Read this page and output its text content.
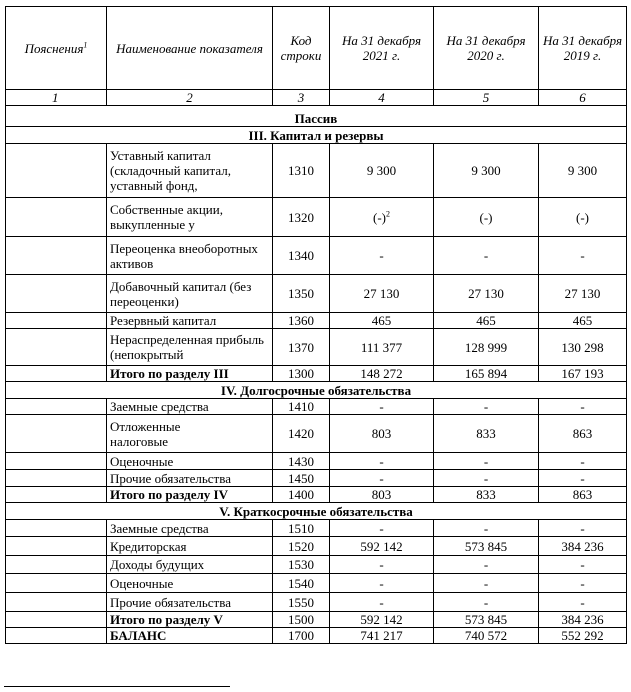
Пояснения$^1$	Наименование показателя	Код строки	На 31 декабря 2021 г.	На 31 декабря 2020 г.	На 31 декабря 2019 г.
1	2	3	4	5	6
Пассив					
III. Капитал и резервы					

	Уставный капитал (складочный капитал, уставный фонд,	1310	9 300	9 300	9 300
	Собственные акции, выкупленные у	1320	$(-)^2$	(-)	(-)
	Переоценка внеоборотных активов	1340	-	-	-
	Добавочный капитал (без переоценки)	1350	27 130	27 130	27 130
	Резервный капитал	1360	465	465	465

	Нераспределенная прибыль (непокрытый	1370	111 377	128 999	130 298
	Итого по разделу III	1300	148 272	165 894	167 193
IV. Долгосрочные обязательства					
	Заемные средства	1410	-	-	-

	Отложенные налоговые	1420	803	833	863
	Оценочные	1430	-	-	-
	Прочие обязательства	1450	-	-	-
	Итого по разделу IV	1400	803	833	863
V. Краткосрочные обязательства					
	Заемные средства	1510	-	-	-
	Кредиторская	1520	592 142	573 845	384 236
	Доходы будущих	1530	-	-	-
	Оценочные	1540	-	-	-
	Прочие обязательства	1550	-	-	-
	Итого по разделу V	1500	592 142	573 845	384 236
	БАЛАНС	1700	741 217	740 572	552 292
